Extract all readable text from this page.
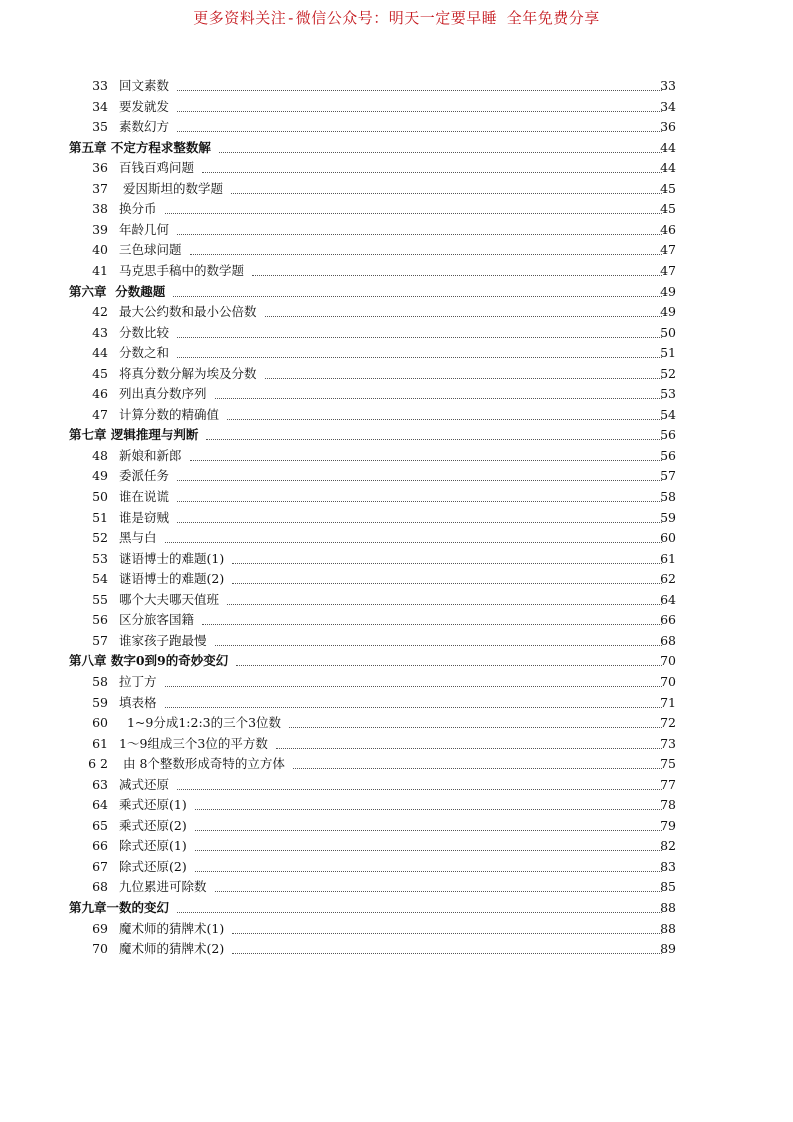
更多资料关注-微信公众号：明天一定要早睡 全年免费分享
33 回文素数	33
34 要发就发	34
35 素数幻方	36
第五章 不定方程求整数解	44
36 百钱百鸡问题	44
37 爱因斯坦的数学题	45
38 换分币	45
39 年龄几何	46
40 三色球问题	47
41 马克思手稿中的数学题	47
第六章  分数趣题	49
42 最大公约数和最小公倍数	49
43 分数比较	50
44 分数之和	51
45 将真分数分解为埃及分数	52
46 列出真分数序列	53
47 计算分数的精确值	54
第七章 逻辑推理与判断	56
48 新娘和新郎	56
49 委派任务	57
50 谁在说谎	58
51 谁是窃贼	59
52 黑与白	60
53 谜语博士的难题(1)	61
54 谜语博士的难题(2)	62
55 哪个大夫哪天值班	64
56 区分旅客国籍	66
57 谁家孩子跑最慢	68
第八章 数字0到9的奇妙变幻	70
58 拉丁方	70
59 填表格	71
60 1~9分成1:2:3的三个3位数	72
61 1～9组成三个3位的平方数	73
6 2 由 8个整数形成奇特的立方体	75
63 减式还原	77
64 乘式还原(1)	78
65 乘式还原(2)	79
66 除式还原(1)	82
67 除式还原(2)	83
68 九位累进可除数	85
第九章一数的变幻	88
69 魔术师的猜牌术(1)	88
70 魔术师的猜牌术(2)	89
